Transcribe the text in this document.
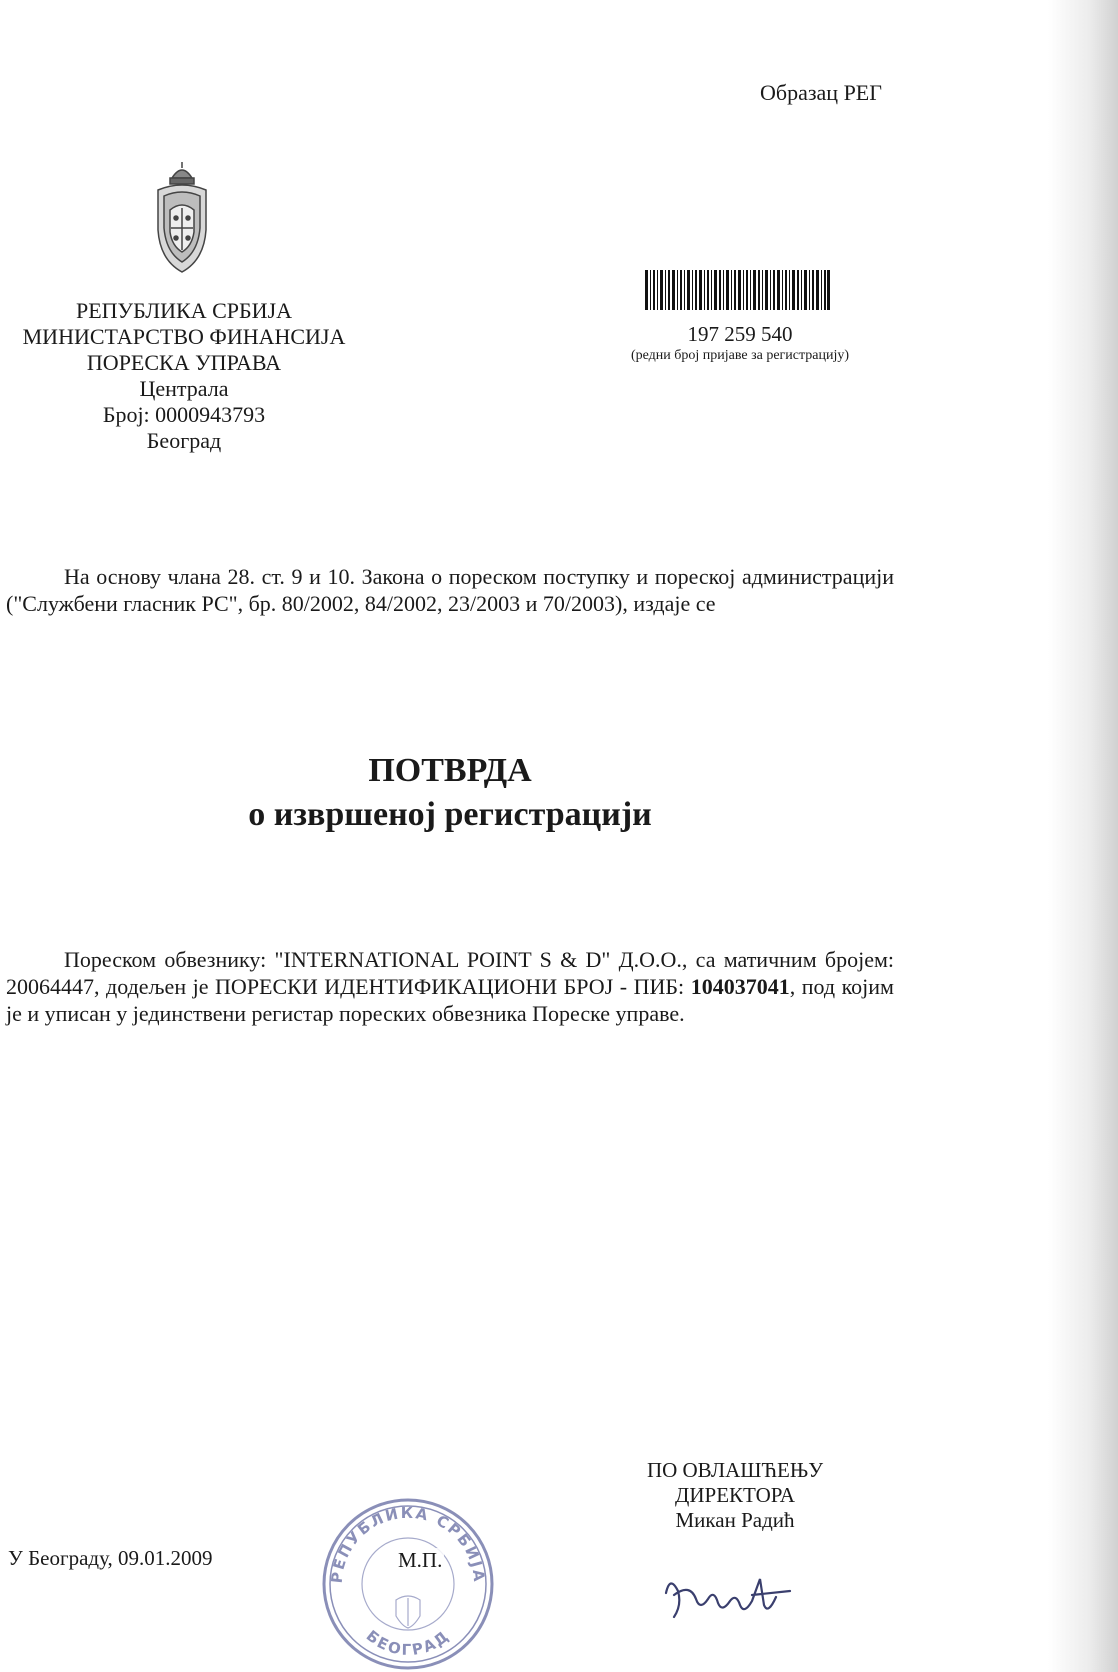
Образац РЕГ
РЕПУБЛИКА СРБИЈА
МИНИСТАРСТВО ФИНАНСИЈА
ПОРЕСКА УПРАВА
Централа
Број: 0000943793
Београд
197 259 540
(редни број пријаве за регистрацију)

На основу члана 28. ст. 9 и 10. Закона о пореском поступку и пореској администрацији ("Службени гласник РС", бр. 80/2002, 84/2002, 23/2003 и 70/2003), издаје се

ПОТВРДА
о извршеној регистрацији

Пореском обвезнику: "INTERNATIONAL POINT S & D" Д.О.О., са матичним бројем: 20064447, додељен је ПОРЕСКИ ИДЕНТИФИКАЦИОНИ БРОЈ - ПИБ: 104037041, под којим је и уписан у јединствени регистар пореских обвезника Пореске управе.

ПО ОВЛАШЋЕЊУ
ДИРЕКТОРА
Микан Радић
У Београду, 09.01.2009
РЕПУБЛИКА СРБИЈА
БЕОГРАД
М.П.
